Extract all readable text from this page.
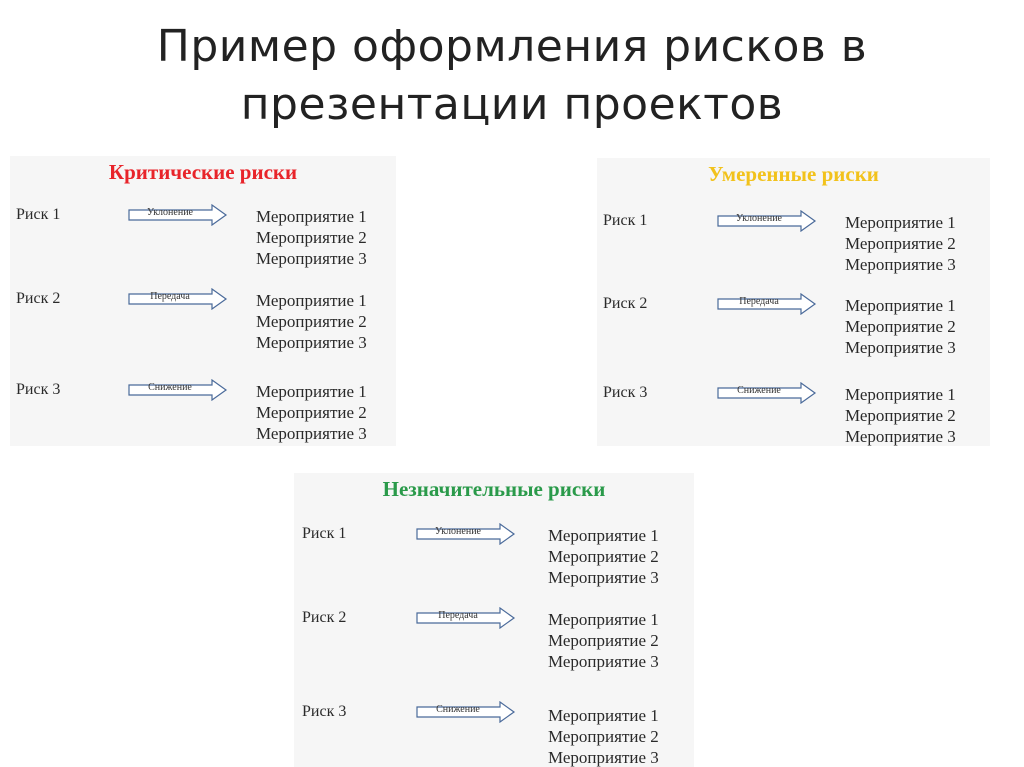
Пример оформления рисков в
презентации проектов
Критические риски
Риск 1	Уклонение	Мероприятие 1
Мероприятие 2
Мероприятие 3
Риск 2	Передача	Мероприятие 1
Мероприятие 2
Мероприятие 3
Риск 3	Снижение	Мероприятие 1
Мероприятие 2
Мероприятие 3
Умеренные риски
Риск 1	Уклонение	Мероприятие 1
Мероприятие 2
Мероприятие 3
Риск 2	Передача	Мероприятие 1
Мероприятие 2
Мероприятие 3
Риск 3	Снижение	Мероприятие 1
Мероприятие 2
Мероприятие 3
Незначительные риски
Риск 1	Уклонение	Мероприятие 1
Мероприятие 2
Мероприятие 3
Риск 2	Передача	Мероприятие 1
Мероприятие 2
Мероприятие 3
Риск 3	Снижение	Мероприятие 1
Мероприятие 2
Мероприятие 3
